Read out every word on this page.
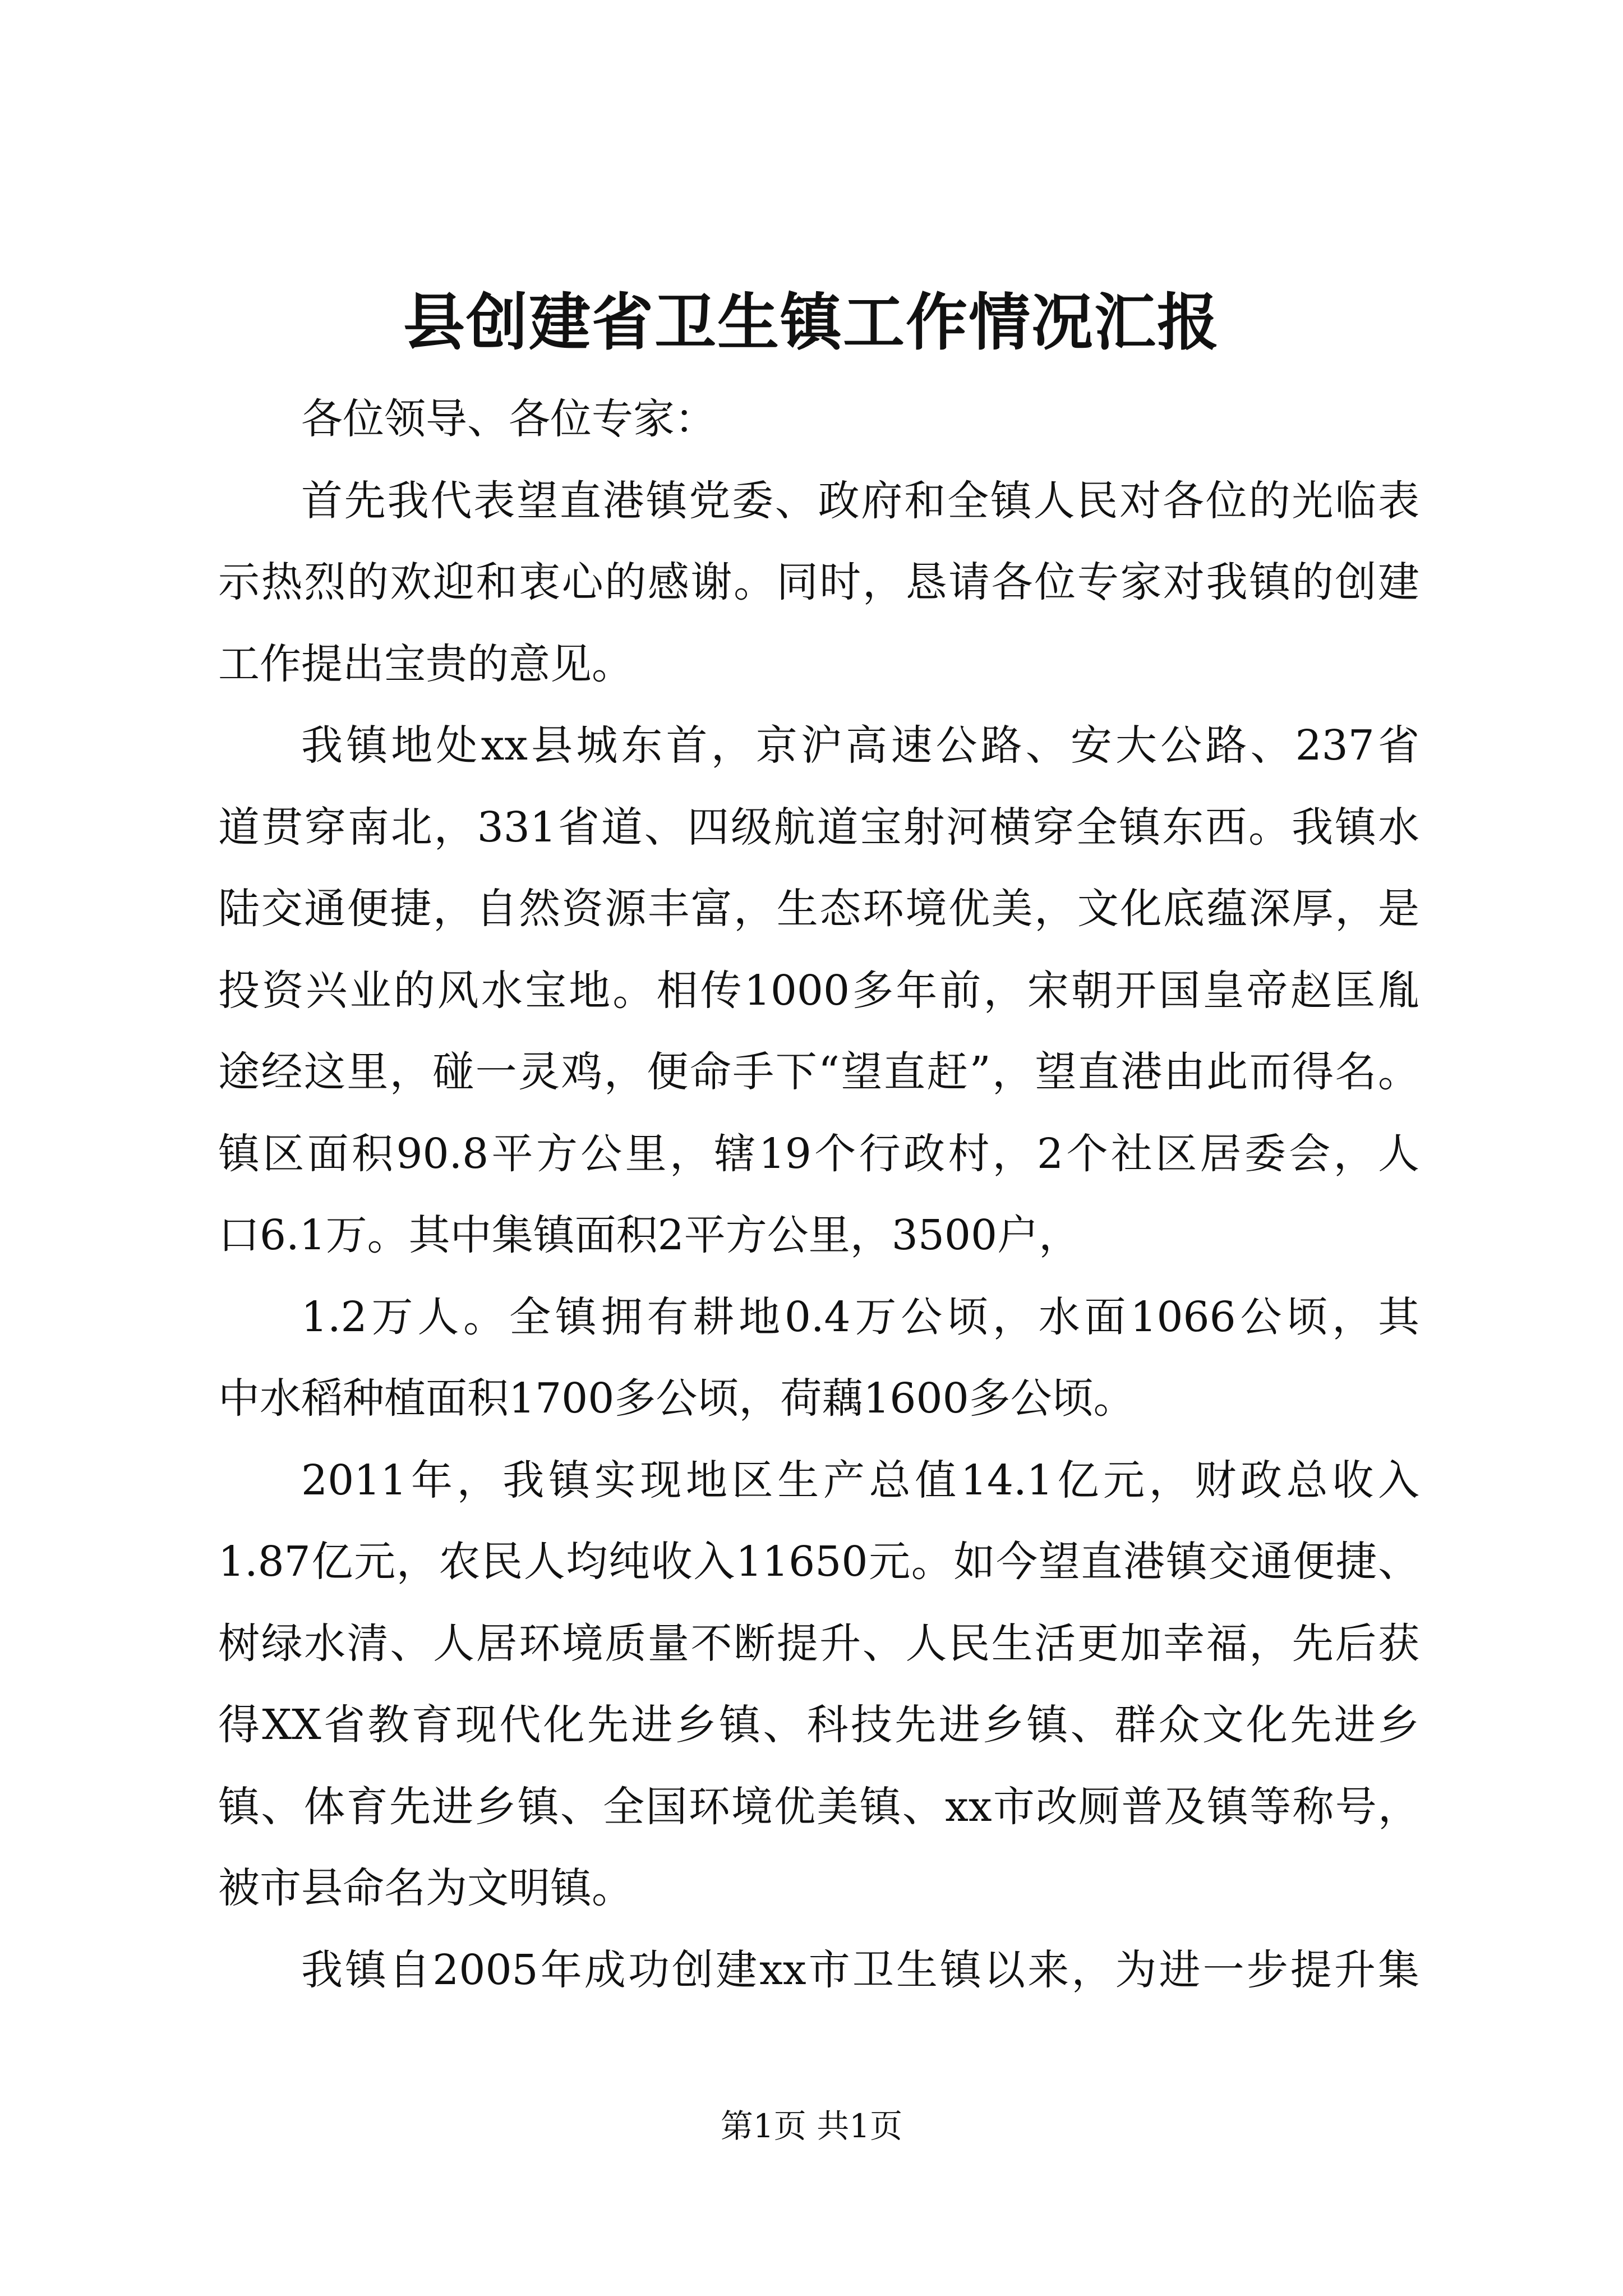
县创建省卫生镇工作情况汇报
各位领导、各位专家：
首先我代表望直港镇党委、政府和全镇人民对各位的光临表
示热烈的欢迎和衷心的感谢。同时，恳请各位专家对我镇的创建
工作提出宝贵的意见。
我镇地处xx县城东首，京沪高速公路、安大公路、237省
道贯穿南北，331省道、四级航道宝射河横穿全镇东西。我镇水
陆交通便捷，自然资源丰富，生态环境优美，文化底蕴深厚，是
投资兴业的风水宝地。相传1000多年前，宋朝开国皇帝赵匡胤
途经这里，碰一灵鸡，便命手下“望直赶”，望直港由此而得名。
镇区面积90.8平方公里，辖19个行政村，2个社区居委会，人
口6.1万。其中集镇面积2平方公里，3500户，
1.2万人。全镇拥有耕地0.4万公顷，水面1066公顷，其
中水稻种植面积1700多公顷，荷藕1600多公顷。
2011年，我镇实现地区生产总值14.1亿元，财政总收入
1.87亿元，农民人均纯收入11650元。如今望直港镇交通便捷、
树绿水清、人居环境质量不断提升、人民生活更加幸福，先后获
得XX省教育现代化先进乡镇、科技先进乡镇、群众文化先进乡
镇、体育先进乡镇、全国环境优美镇、xx市改厕普及镇等称号，
被市县命名为文明镇。
我镇自2005年成功创建xx市卫生镇以来，为进一步提升集
第1页 共1页
